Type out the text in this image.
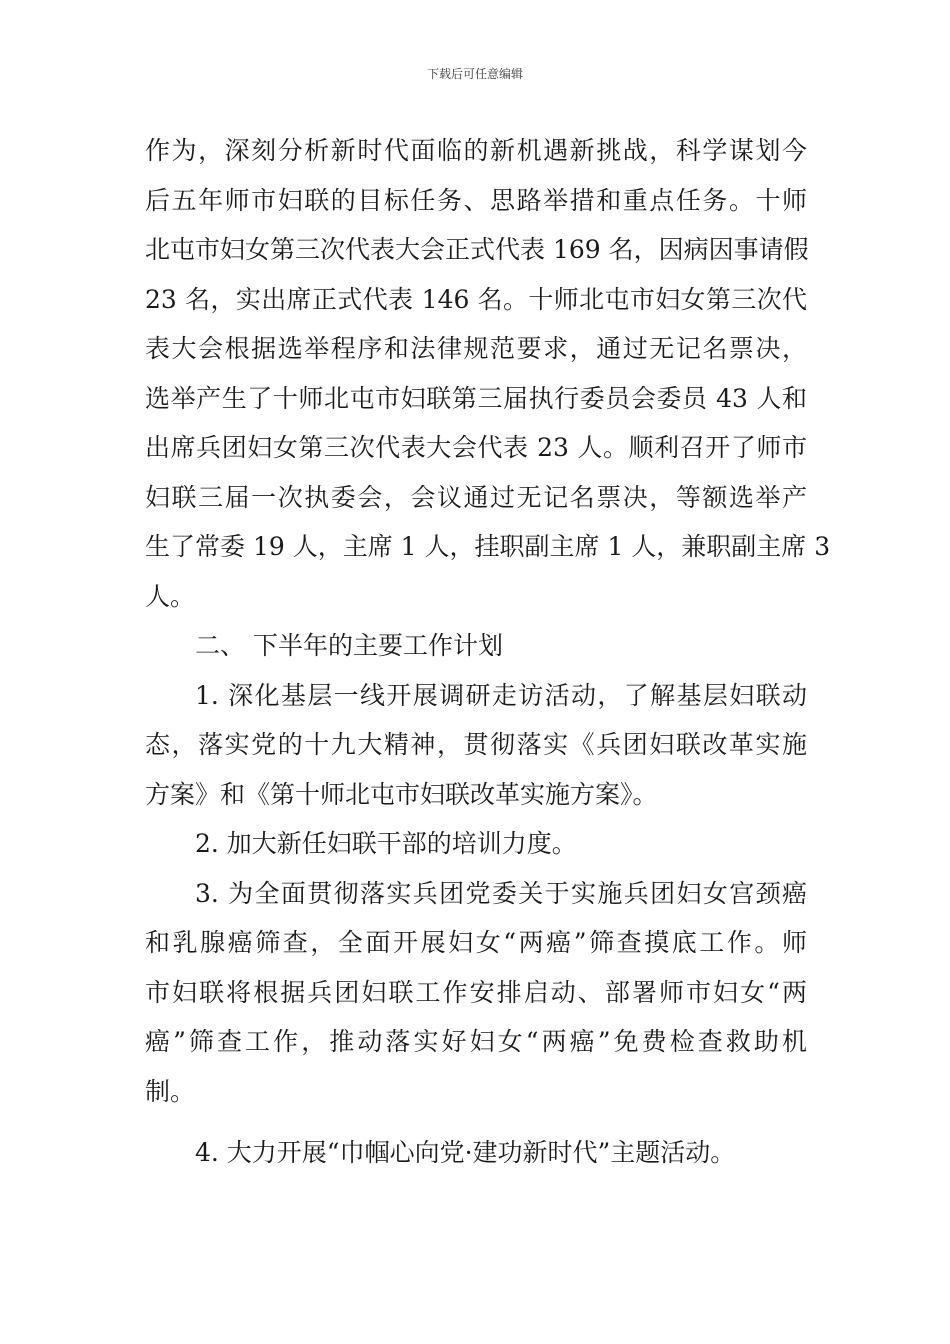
下载后可任意编辑
作为，深刻分析新时代面临的新机遇新挑战，科学谋划今
后五年师市妇联的目标任务、思路举措和重点任务。十师
北屯市妇女第三次代表大会正式代表 169 名，因病因事请假
23 名，实出席正式代表 146 名。十师北屯市妇女第三次代
表大会根据选举程序和法律规范要求，通过无记名票决，
选举产生了十师北屯市妇联第三届执行委员会委员 43 人和
出席兵团妇女第三次代表大会代表 23 人。顺利召开了师市
妇联三届一次执委会，会议通过无记名票决，等额选举产
生了常委 19 人，主席 1 人，挂职副主席 1 人，兼职副主席 3
人。
二、 下半年的主要工作计划
1. 深化基层一线开展调研走访活动，了解基层妇联动
态，落实党的十九大精神，贯彻落实《兵团妇联改革实施
方案》和《第十师北屯市妇联改革实施方案》。
2. 加大新任妇联干部的培训力度。
3. 为全面贯彻落实兵团党委关于实施兵团妇女宫颈癌
和乳腺癌筛查，全面开展妇女“两癌”筛查摸底工作。师
市妇联将根据兵团妇联工作安排启动、部署师市妇女“两
癌”筛查工作，推动落实好妇女“两癌”免费检查救助机
制。
4. 大力开展“巾帼心向党·建功新时代”主题活动。
